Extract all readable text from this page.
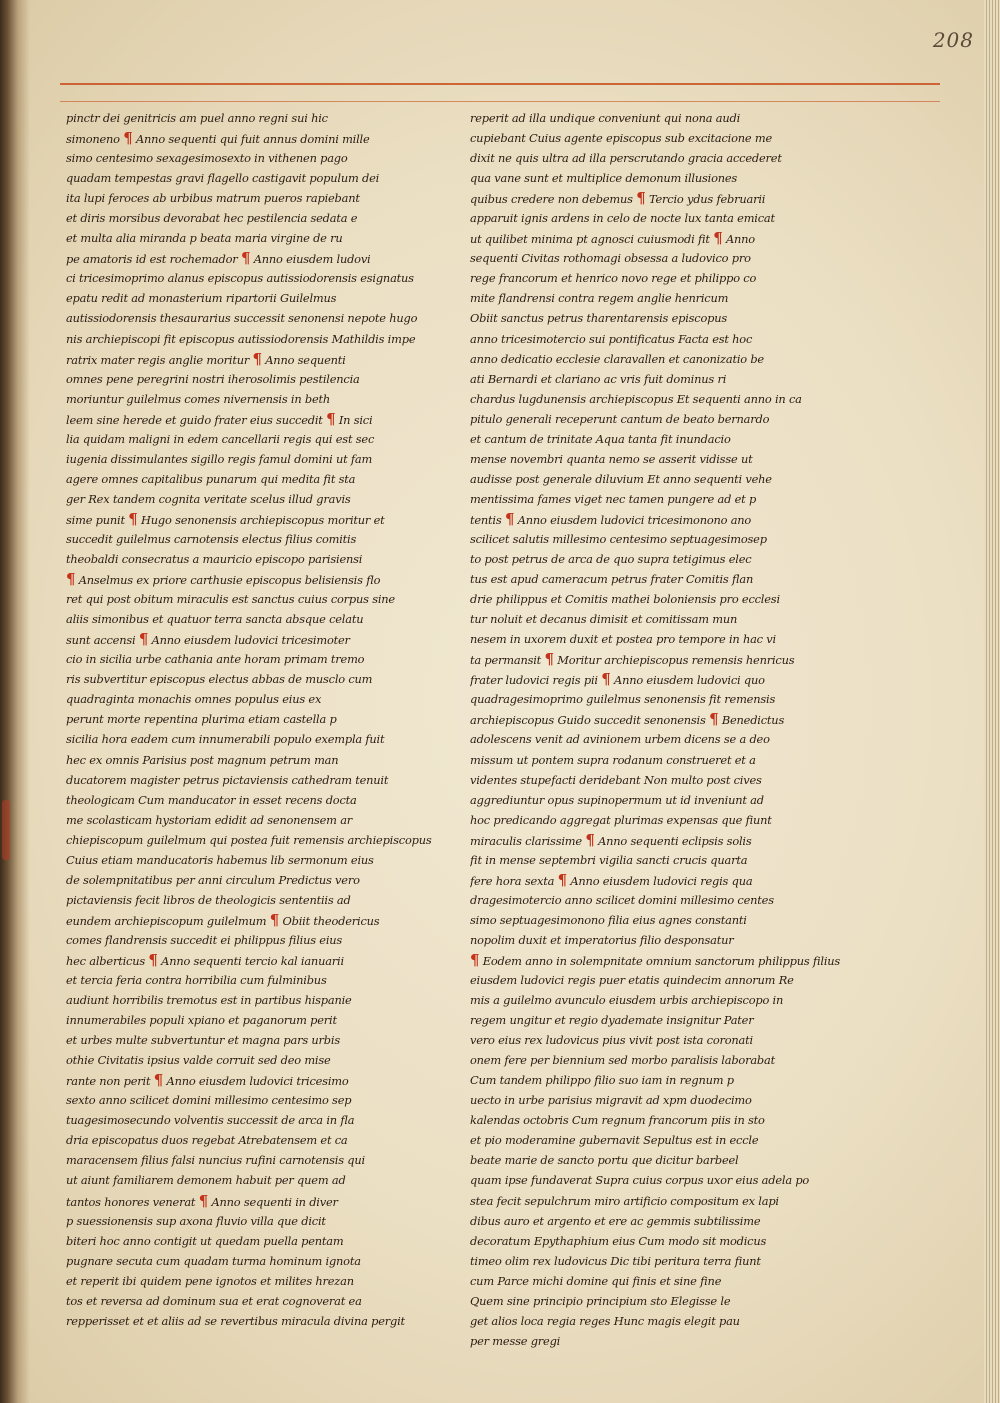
208
pinctr dei genitricis am puel anno regni sui hic
simoneno ¶ Anno sequenti qui fuit annus domini mille
simo centesimo sexagesimosexto in vithenen pago
quadam tempestas gravi flagello castigavit populum dei
ita lupi feroces ab urbibus matrum pueros rapiebant
et diris morsibus devorabat hec pestilencia sedata e
et multa alia miranda p beata maria virgine de ru
pe amatoris id est rochemador ¶ Anno eiusdem ludovi
ci tricesimoprimo alanus episcopus autissiodorensis esignatus
epatu redit ad monasterium ripartorii Guilelmus
autissiodorensis thesaurarius successit senonensi nepote hugo
nis archiepiscopi fit episcopus autissiodorensis Mathildis impe
ratrix mater regis anglie moritur ¶ Anno sequenti
omnes pene peregrini nostri iherosolimis pestilencia
moriuntur guilelmus comes nivernensis in beth
leem sine herede et guido frater eius succedit ¶ In sici
lia quidam maligni in edem cancellarii regis qui est sec
iugenia dissimulantes sigillo regis famul domini ut fam
agere omnes capitalibus punarum qui medita fit sta
ger Rex tandem cognita veritate scelus illud gravis
sime punit ¶ Hugo senonensis archiepiscopus moritur et
succedit guilelmus carnotensis electus filius comitis
theobaldi consecratus a mauricio episcopo parisiensi
¶ Anselmus ex priore carthusie episcopus belisiensis flo
ret qui post obitum miraculis est sanctus cuius corpus sine
aliis simonibus et quatuor terra sancta absque celatu
sunt accensi ¶ Anno eiusdem ludovici tricesimoter
cio in sicilia urbe cathania ante horam primam tremo
ris subvertitur episcopus electus abbas de musclo cum
quadraginta monachis omnes populus eius ex
perunt morte repentina plurima etiam castella p
sicilia hora eadem cum innumerabili populo exempla fuit
hec ex omnis Parisius post magnum petrum man
ducatorem magister petrus pictaviensis cathedram tenuit
theologicam Cum manducator in esset recens docta
me scolasticam hystoriam edidit ad senonensem ar
chiepiscopum guilelmum qui postea fuit remensis archiepiscopus
Cuius etiam manducatoris habemus lib sermonum eius
de solempnitatibus per anni circulum Predictus vero
pictaviensis fecit libros de theologicis sententiis ad
eundem archiepiscopum guilelmum ¶ Obiit theodericus
comes flandrensis succedit ei philippus filius eius
hec alberticus ¶ Anno sequenti tercio kal ianuarii
et tercia feria contra horribilia cum fulminibus
audiunt horribilis tremotus est in partibus hispanie
innumerabiles populi xpiano et paganorum perit
et urbes multe subvertuntur et magna pars urbis
othie Civitatis ipsius valde corruit sed deo mise
rante non perit ¶ Anno eiusdem ludovici tricesimo
sexto anno scilicet domini millesimo centesimo sep
tuagesimosecundo volventis successit de arca in fla
dria episcopatus duos regebat Atrebatensem et ca
maracensem filius falsi nuncius rufini carnotensis qui
ut aiunt familiarem demonem habuit per quem ad
tantos honores venerat ¶ Anno sequenti in diver
p suessionensis sup axona fluvio villa que dicit
biteri hoc anno contigit ut quedam puella pentam
pugnare secuta cum quadam turma hominum ignota
et reperit ibi quidem pene ignotos et milites hrezan
tos et reversa ad dominum sua et erat cognoverat ea
repperisset et et aliis ad se revertibus miracula divina pergit
reperit ad illa undique conveniunt qui nona audi
cupiebant Cuius agente episcopus sub excitacione me
dixit ne quis ultra ad illa perscrutando gracia accederet
qua vane sunt et multiplice demonum illusiones
quibus credere non debemus ¶ Tercio ydus februarii
apparuit ignis ardens in celo de nocte lux tanta emicat
ut quilibet minima pt agnosci cuiusmodi fit ¶ Anno
sequenti Civitas rothomagi obsessa a ludovico pro
rege francorum et henrico novo rege et philippo co
mite flandrensi contra regem anglie henricum
Obiit sanctus petrus tharentarensis episcopus
anno tricesimotercio sui pontificatus Facta est hoc
anno dedicatio ecclesie claravallen et canonizatio be
ati Bernardi et clariano ac vris fuit dominus ri
chardus lugdunensis archiepiscopus Et sequenti anno in ca
pitulo generali receperunt cantum de beato bernardo
et cantum de trinitate Aqua tanta fit inundacio
mense novembri quanta nemo se asserit vidisse ut
audisse post generale diluvium Et anno sequenti vehe
mentissima fames viget nec tamen pungere ad et p
tentis ¶ Anno eiusdem ludovici tricesimonono ano
scilicet salutis millesimo centesimo septuagesimosep
to post petrus de arca de quo supra tetigimus elec
tus est apud cameracum petrus frater Comitis flan
drie philippus et Comitis mathei boloniensis pro ecclesi
tur noluit et decanus dimisit et comitissam mun
nesem in uxorem duxit et postea pro tempore in hac vi
ta permansit ¶ Moritur archiepiscopus remensis henricus
frater ludovici regis pii ¶ Anno eiusdem ludovici quo
quadragesimoprimo guilelmus senonensis fit remensis
archiepiscopus Guido succedit senonensis ¶ Benedictus
adolescens venit ad avinionem urbem dicens se a deo
missum ut pontem supra rodanum construeret et a
videntes stupefacti deridebant Non multo post cives
aggrediuntur opus supinopermum ut id inveniunt ad
hoc predicando aggregat plurimas expensas que fiunt
miraculis clarissime ¶ Anno sequenti eclipsis solis
fit in mense septembri vigilia sancti crucis quarta
fere hora sexta ¶ Anno eiusdem ludovici regis qua
dragesimotercio anno scilicet domini millesimo centes
simo septuagesimonono filia eius agnes constanti
nopolim duxit et imperatorius filio desponsatur
¶ Eodem anno in solempnitate omnium sanctorum philippus filius
eiusdem ludovici regis puer etatis quindecim annorum Re
mis a guilelmo avunculo eiusdem urbis archiepiscopo in
regem ungitur et regio dyademate insignitur Pater
vero eius rex ludovicus pius vivit post ista coronati
onem fere per biennium sed morbo paralisis laborabat
Cum tandem philippo filio suo iam in regnum p
uecto in urbe parisius migravit ad xpm duodecimo
kalendas octobris Cum regnum francorum piis in sto
et pio moderamine gubernavit Sepultus est in eccle
beate marie de sancto portu que dicitur barbeel
quam ipse fundaverat Supra cuius corpus uxor eius adela po
stea fecit sepulchrum miro artificio compositum ex lapi
dibus auro et argento et ere ac gemmis subtilissime
decoratum Epythaphium eius Cum modo sit modicus
timeo olim rex ludovicus Dic tibi peritura terra fiunt
cum Parce michi domine qui finis et sine fine
Quem sine principio principium sto Elegisse le
get alios loca regia reges Hunc magis elegit pau
per messe gregi
